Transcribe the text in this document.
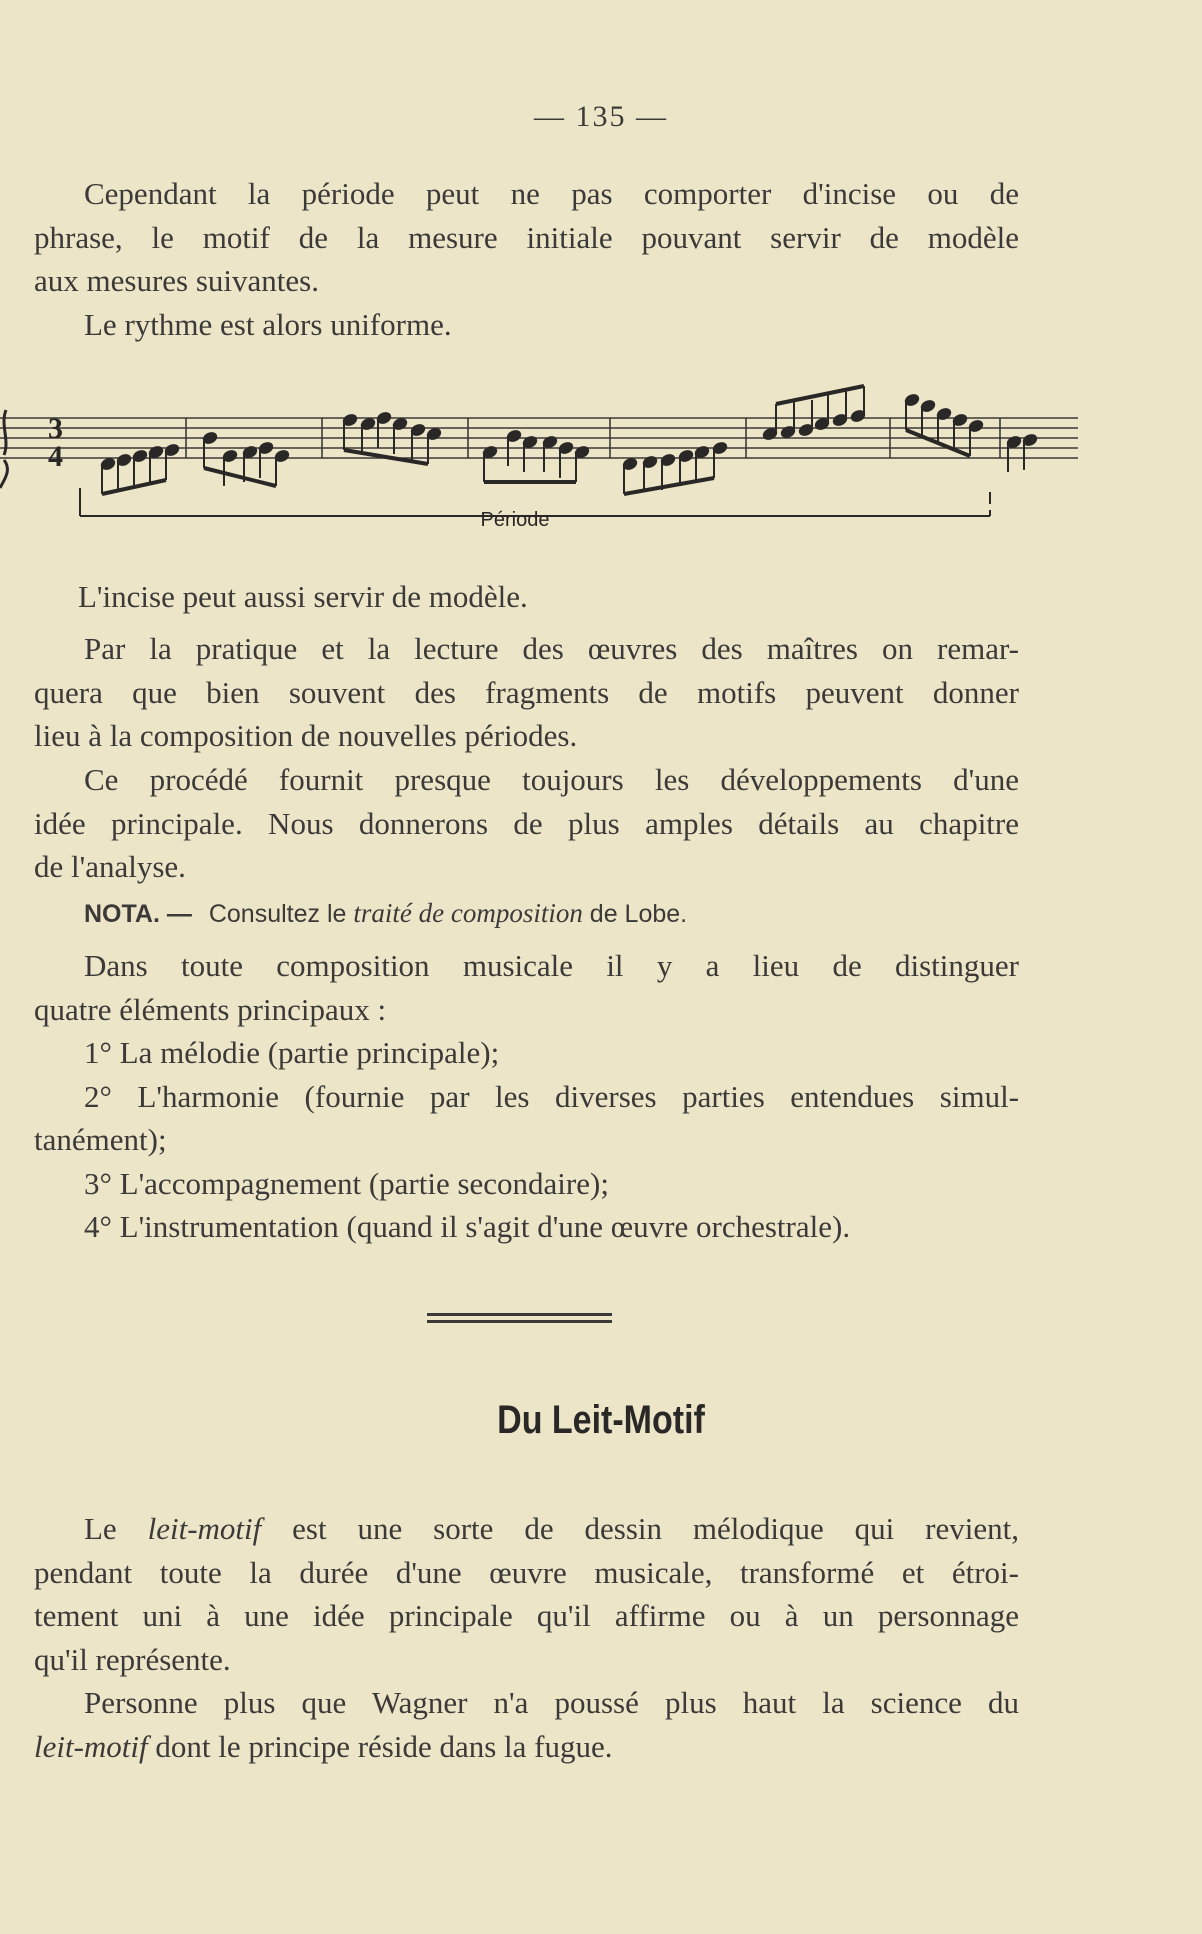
— 135 —

Cependant la période peut ne pas comporter d'incise ou de
phrase, le motif de la mesure initiale pouvant servir de modèle
aux mesures suivantes.

Le rythme est alors uniforme.

3
4
Période

L'incise peut aussi servir de modèle.

Par la pratique et la lecture des œuvres des maîtres on remar-
quera que bien souvent des fragments de motifs peuvent donner
lieu à la composition de nouvelles périodes.

Ce procédé fournit presque toujours les développements d'une
idée principale. Nous donnerons de plus amples détails au chapitre
de l'analyse.

NOTA. — Consultez le traité de composition de Lobe.

Dans toute composition musicale il y a lieu de distinguer
quatre éléments principaux :

1° La mélodie (partie principale);
2° L'harmonie (fournie par les diverses parties entendues simul-
tanément);
3° L'accompagnement (partie secondaire);
4° L'instrumentation (quand il s'agit d'une œuvre orchestrale).

Du Leit-Motif

Le leit-motif est une sorte de dessin mélodique qui revient,
pendant toute la durée d'une œuvre musicale, transformé et étroi-
tement uni à une idée principale qu'il affirme ou à un personnage
qu'il représente.

Personne plus que Wagner n'a poussé plus haut la science du
leit-motif dont le principe réside dans la fugue.
